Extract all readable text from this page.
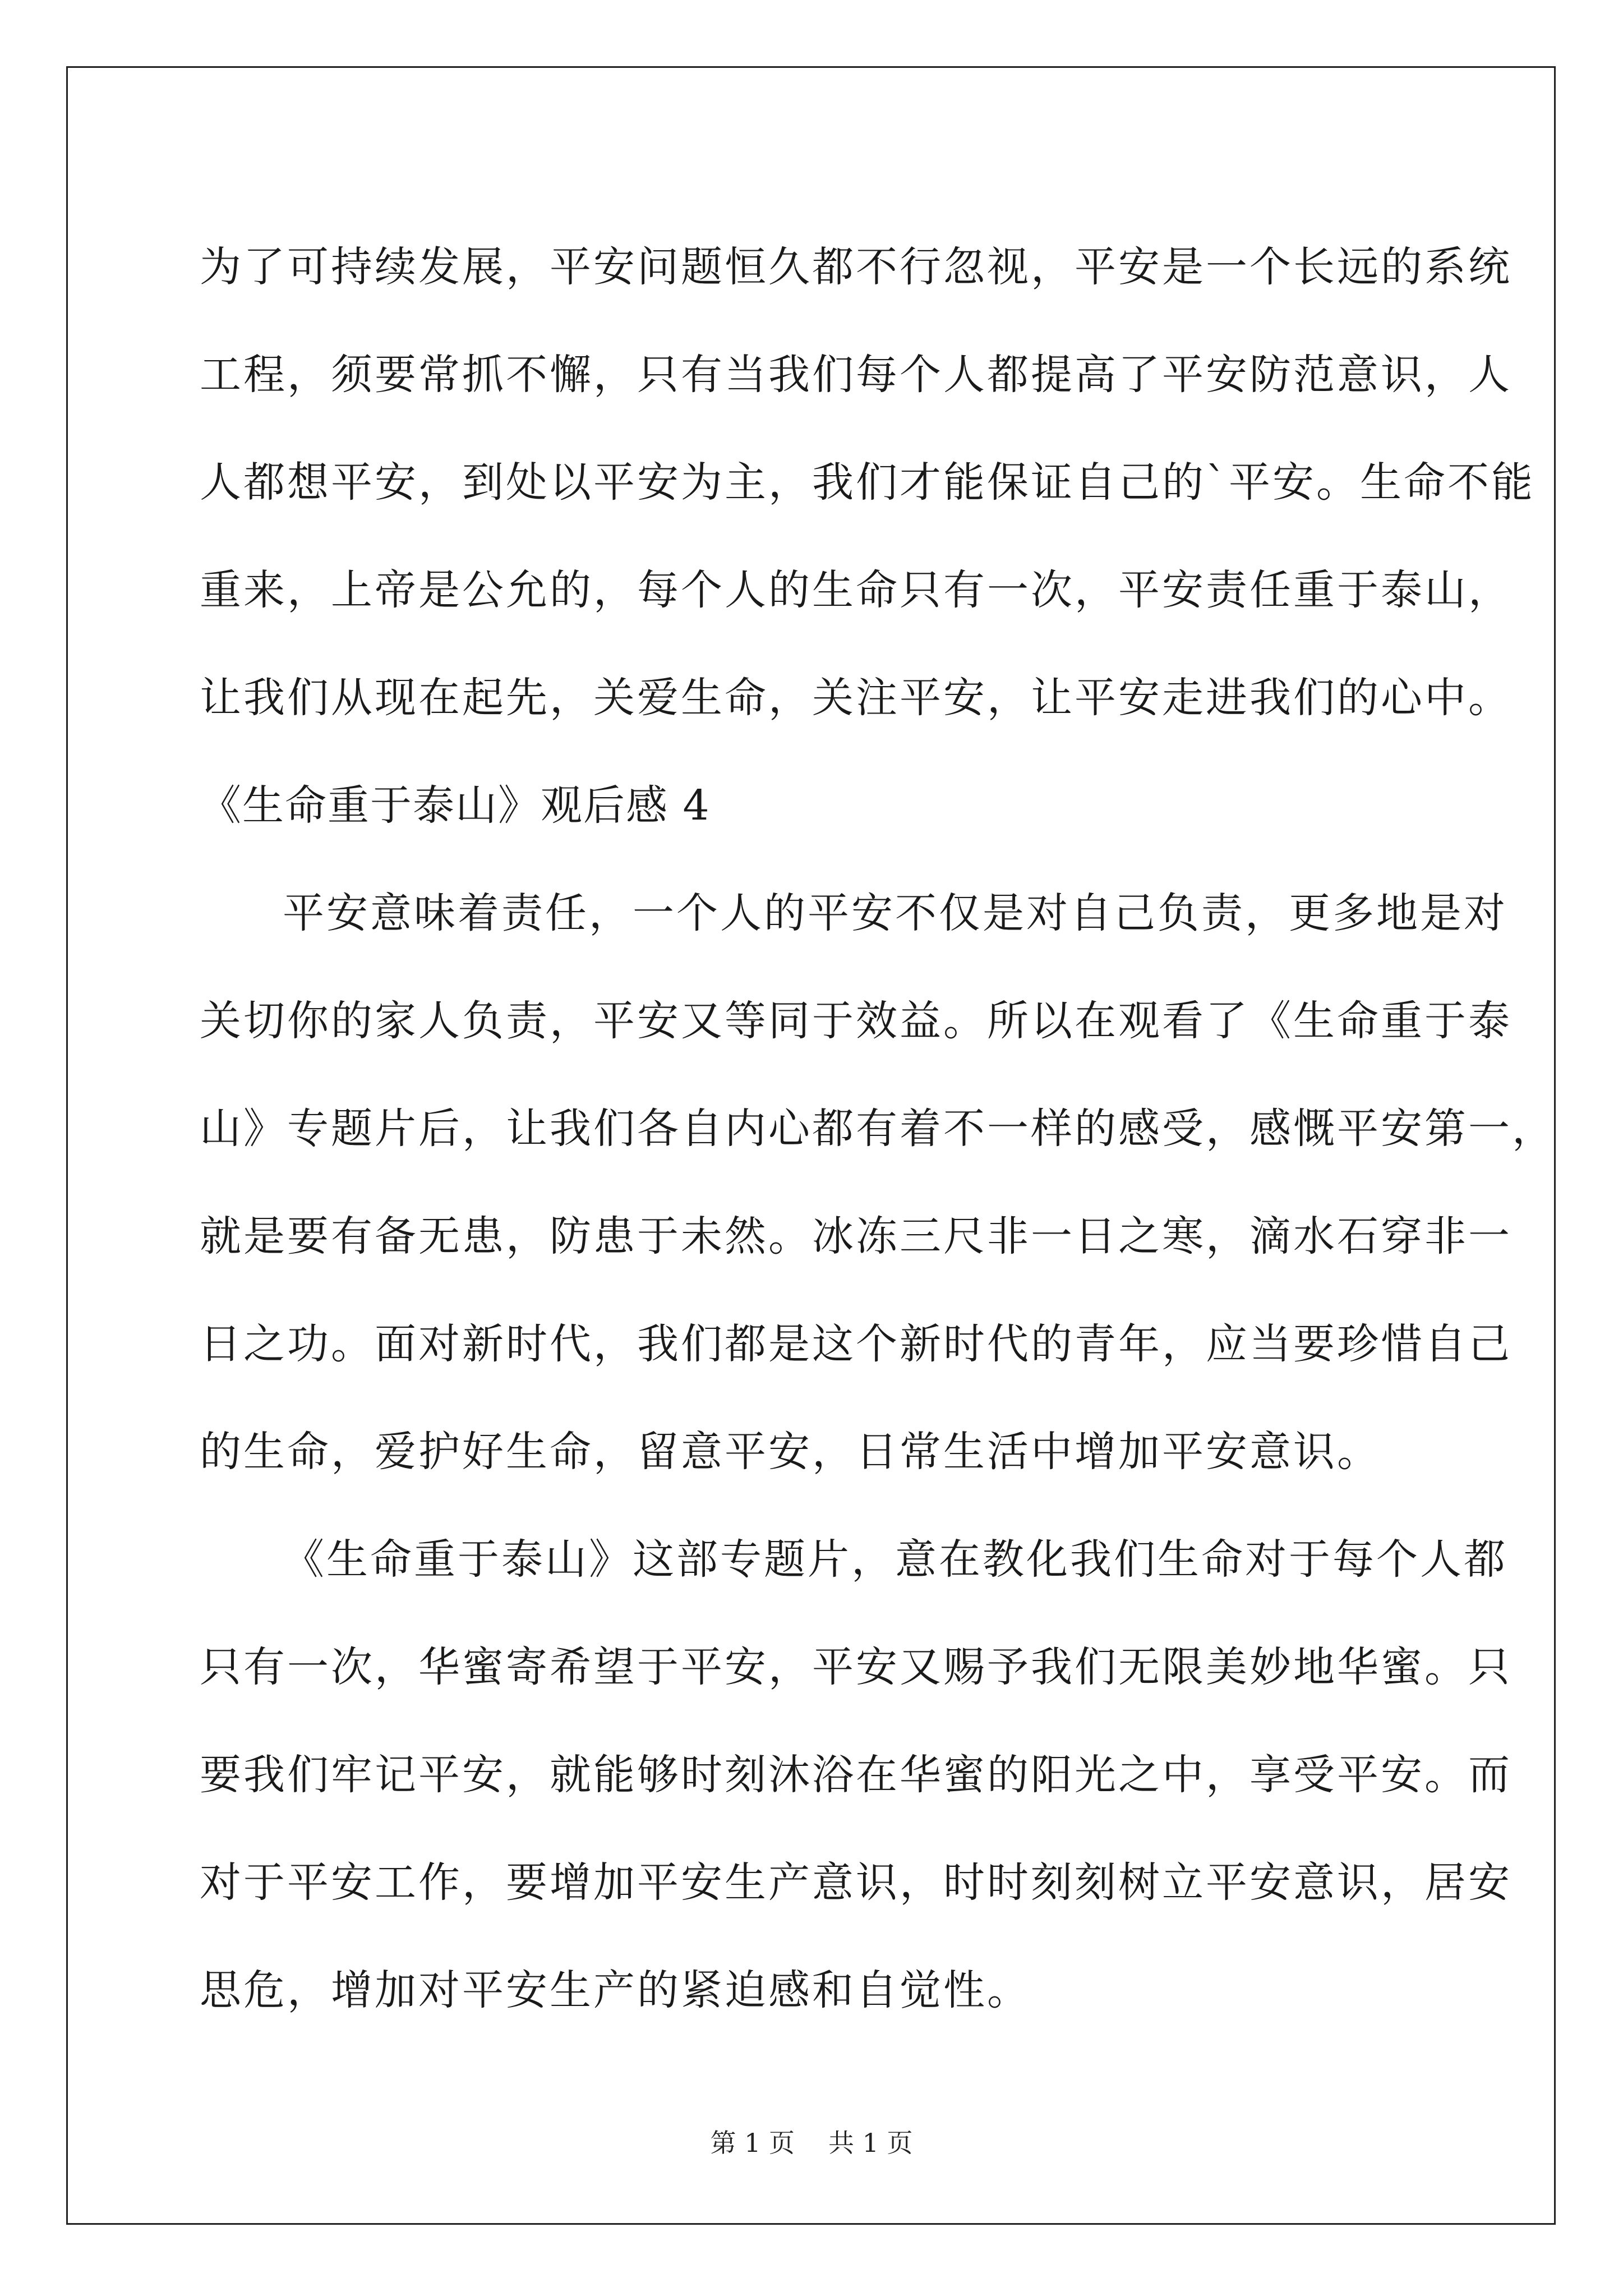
为了可持续发展，平安问题恒久都不行忽视，平安是一个长远的系统
工程，须要常抓不懈，只有当我们每个人都提高了平安防范意识，人
人都想平安，到处以平安为主，我们才能保证自己的`平安。生命不能
重来，上帝是公允的，每个人的生命只有一次，平安责任重于泰山，
让我们从现在起先，关爱生命，关注平安，让平安走进我们的心中。
《生命重于泰山》观后感 4
平安意味着责任，一个人的平安不仅是对自己负责，更多地是对
关切你的家人负责，平安又等同于效益。所以在观看了《生命重于泰
山》专题片后，让我们各自内心都有着不一样的感受，感慨平安第一，
就是要有备无患，防患于未然。冰冻三尺非一日之寒，滴水石穿非一
日之功。面对新时代，我们都是这个新时代的青年，应当要珍惜自己
的生命，爱护好生命，留意平安，日常生活中增加平安意识。
《生命重于泰山》这部专题片，意在教化我们生命对于每个人都
只有一次，华蜜寄希望于平安，平安又赐予我们无限美妙地华蜜。只
要我们牢记平安，就能够时刻沐浴在华蜜的阳光之中，享受平安。而
对于平安工作，要增加平安生产意识，时时刻刻树立平安意识，居安
思危，增加对平安生产的紧迫感和自觉性。
第 1 页 共 1 页
